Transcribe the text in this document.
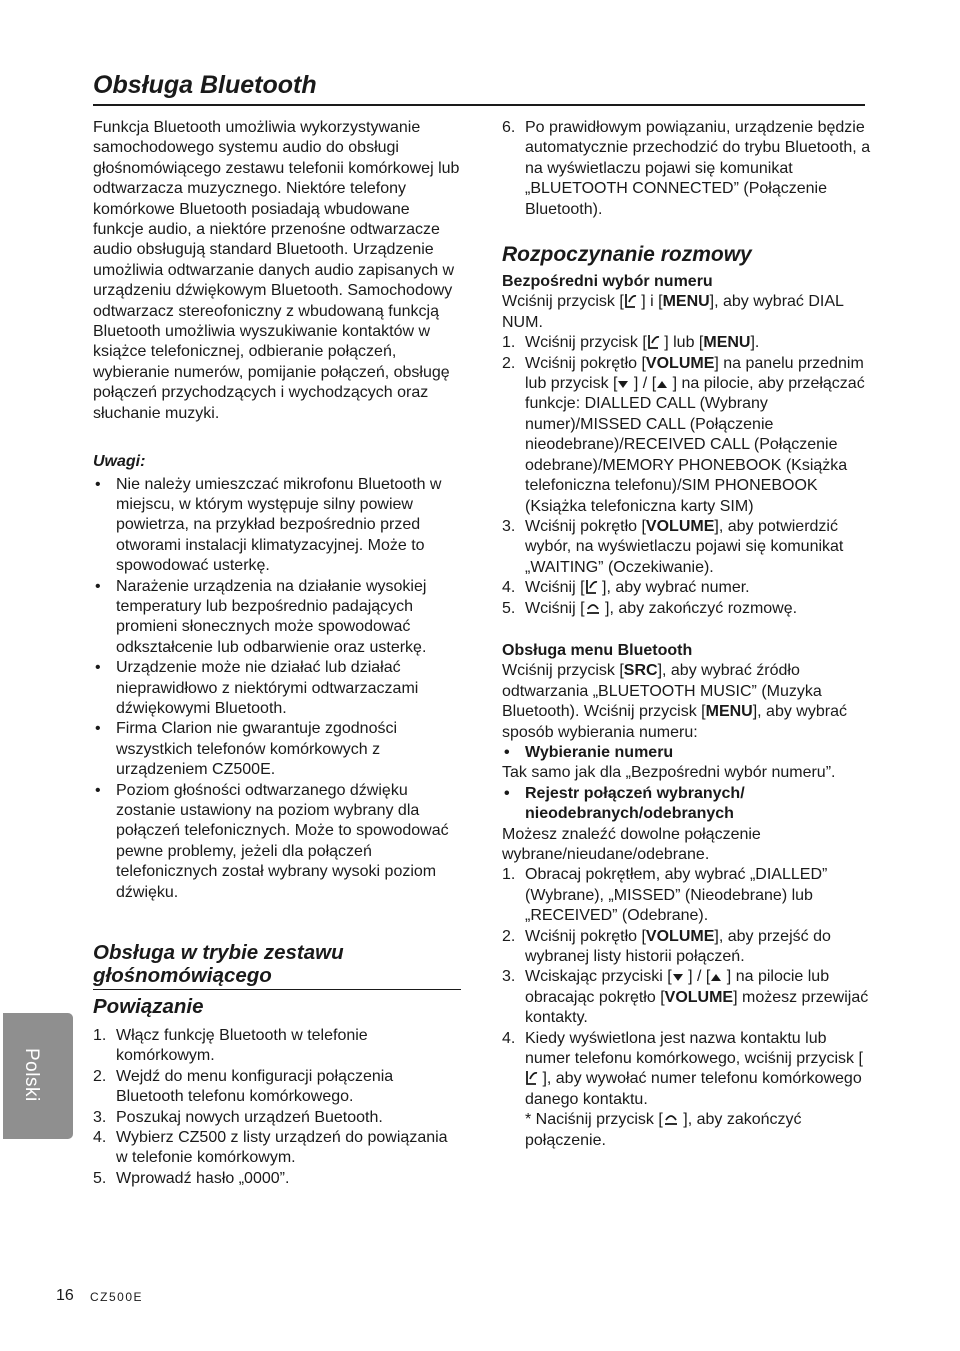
Obsługa Bluetooth

Funkcja Bluetooth umożliwia wykorzystywanie samochodowego systemu audio do obsługi głośnomówiącego zestawu telefonii komórkowej lub odtwarzacza muzycznego. Niektóre telefony komórkowe Bluetooth posiadają wbudowane funkcje audio, a niektóre przenośne odtwarzacze audio obsługują standard Bluetooth. Urządzenie umożliwia odtwarzanie danych audio zapisanych w urządzeniu dźwiękowym Bluetooth. Samochodowy odtwarzacz stereofoniczny z wbudowaną funkcją Bluetooth umożliwia wyszukiwanie kontaktów w książce telefonicznej, odbieranie połączeń, wybieranie numerów, pomijanie połączeń, obsługę połączeń przychodzących i wychodzących oraz słuchanie muzyki.

Uwagi:

• Nie należy umieszczać mikrofonu Bluetooth w miejscu, w którym występuje silny powiew powietrza, na przykład bezpośrednio przed otworami instalacji klimatyzacyjnej. Może to spowodować usterkę.
• Narażenie urządzenia na działanie wysokiej temperatury lub bezpośrednio padających promieni słonecznych może spowodować odkształcenie lub odbarwienie oraz usterkę.
• Urządzenie może nie działać lub działać nieprawidłowo z niektórymi odtwarzaczami dźwiękowymi Bluetooth.
• Firma Clarion nie gwarantuje zgodności wszystkich telefonów komórkowych z urządzeniem CZ500E.
• Poziom głośności odtwarzanego dźwięku zostanie ustawiony na poziom wybrany dla połączeń telefonicznych. Może to spowodować pewne problemy, jeżeli dla połączeń telefonicznych został wybrany wysoki poziom dźwięku.
Obsługa w trybie zestawu głośnomówiącego
Powiązanie
1. Włącz funkcję Bluetooth w telefonie komórkowym.
2. Wejdź do menu konfiguracji połączenia Bluetooth telefonu komórkowego.
3. Poszukaj nowych urządzeń Buetooth.
4. Wybierz CZ500 z listy urządzeń do powiązania w telefonie komórkowym.
5. Wprowadź hasło „0000”.
6. Po prawidłowym powiązaniu, urządzenie będzie automatycznie przechodzić do trybu Bluetooth, a na wyświetlaczu pojawi się komunikat „BLUETOOTH CONNECTED” (Połączenie Bluetooth).
Rozpoczynanie rozmowy

Bezpośredni wybór numeru

Wciśnij przycisk [ ] i [MENU], aby wybrać DIAL NUM.

1. Wciśnij przycisk [ ] lub [MENU].
2. Wciśnij pokrętło [VOLUME] na panelu przednim lub przycisk [ ] / [ ] na pilocie, aby przełączać funkcje: DIALLED CALL (Wybrany numer)/MISSED CALL (Połączenie nieodebrane)/RECEIVED CALL (Połączenie odebrane)/MEMORY PHONEBOOK (Książka telefoniczna telefonu)/SIM PHONEBOOK (Książka telefoniczna karty SIM)
3. Wciśnij pokrętło [VOLUME], aby potwierdzić wybór, na wyświetlaczu pojawi się komunikat „WAITING” (Oczekiwanie).
4. Wciśnij [ ], aby wybrać numer.
5. Wciśnij [ ], aby zakończyć rozmowę.

Obsługa menu Bluetooth

Wciśnij przycisk [SRC], aby wybrać źródło odtwarzania „BLUETOOTH MUSIC” (Muzyka Bluetooth). Wciśnij przycisk [MENU], aby wybrać sposób wybierania numeru:

• Wybieranie numeru

Tak samo jak dla „Bezpośredni wybór numeru”.

• Rejestr połączeń wybranych/ nieodebranych/odebranych

Możesz znaleźć dowolne połączenie wybrane/nieudane/odebrane.

1. Obracaj pokrętłem, aby wybrać „DIALLED” (Wybrane), „MISSED” (Nieodebrane) lub „RECEIVED” (Odebrane).
2. Wciśnij pokrętło [VOLUME], aby przejść do wybranej listy historii połączeń.
3. Wciskając przyciski [ ] / [ ] na pilocie lub obracając pokrętło [VOLUME] możesz przewijać kontakty.
4. Kiedy wyświetlona jest nazwa kontaktu lub numer telefonu komórkowego, wciśnij przycisk [ ], aby wywołać numer telefonu komórkowego danego kontaktu.

* Naciśnij przycisk [ ], aby zakończyć połączenie.

Polski
16 CZ500E
